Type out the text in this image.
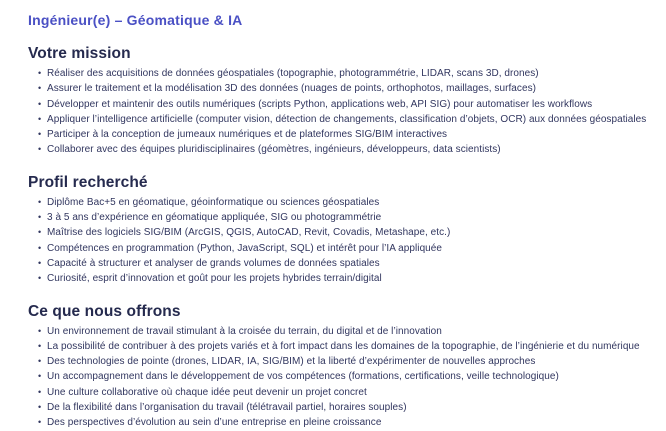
Ingénieur(e) – Géomatique & IA
Votre mission
• Réaliser des acquisitions de données géospatiales (topographie, photogrammétrie, LIDAR, scans 3D, drones)
• Assurer le traitement et la modélisation 3D des données (nuages de points, orthophotos, maillages, surfaces)
• Développer et maintenir des outils numériques (scripts Python, applications web, API SIG) pour automatiser les workflows
• Appliquer l’intelligence artificielle (computer vision, détection de changements, classification d’objets, OCR) aux données géospatiales
• Participer à la conception de jumeaux numériques et de plateformes SIG/BIM interactives
• Collaborer avec des équipes pluridisciplinaires (géomètres, ingénieurs, développeurs, data scientists)
Profil recherché
• Diplôme Bac+5 en géomatique, géoinformatique ou sciences géospatiales
• 3 à 5 ans d’expérience en géomatique appliquée, SIG ou photogrammétrie
• Maîtrise des logiciels SIG/BIM (ArcGIS, QGIS, AutoCAD, Revit, Covadis, Metashape, etc.)
• Compétences en programmation (Python, JavaScript, SQL) et intérêt pour l’IA appliquée
• Capacité à structurer et analyser de grands volumes de données spatiales
• Curiosité, esprit d’innovation et goût pour les projets hybrides terrain/digital
Ce que nous offrons
• Un environnement de travail stimulant à la croisée du terrain, du digital et de l’innovation
• La possibilité de contribuer à des projets variés et à fort impact dans les domaines de la topographie, de l’ingénierie et du numérique
• Des technologies de pointe (drones, LIDAR, IA, SIG/BIM) et la liberté d’expérimenter de nouvelles approches
• Un accompagnement dans le développement de vos compétences (formations, certifications, veille technologique)
• Une culture collaborative où chaque idée peut devenir un projet concret
• De la flexibilité dans l’organisation du travail (télétravail partiel, horaires souples)
• Des perspectives d’évolution au sein d’une entreprise en pleine croissance
